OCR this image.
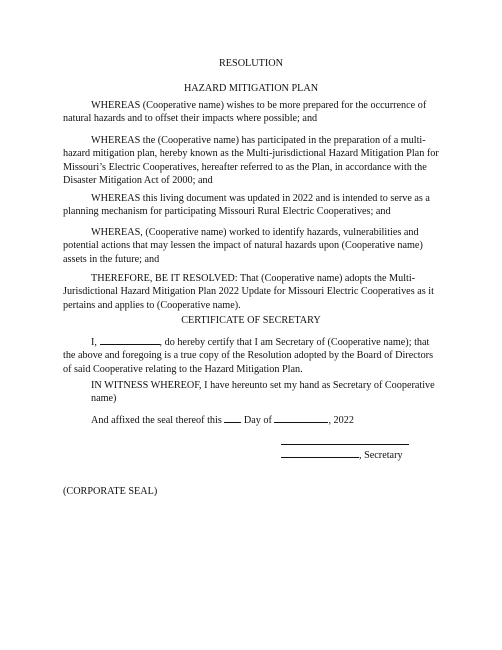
RESOLUTION

HAZARD MITIGATION PLAN

WHEREAS (Cooperative name) wishes to be more prepared for the occurrence of natural hazards and to offset their impacts where possible; and

WHEREAS the (Cooperative name) has participated in the preparation of a multi-hazard mitigation plan, hereby known as the Multi-jurisdictional Hazard Mitigation Plan for Missouri’s Electric Cooperatives, hereafter referred to as the Plan, in accordance with the Disaster Mitigation Act of 2000; and

WHEREAS this living document was updated in 2022 and is intended to serve as a planning mechanism for participating Missouri Rural Electric Cooperatives; and

WHEREAS, (Cooperative name) worked to identify hazards, vulnerabilities and potential actions that may lessen the impact of natural hazards upon (Cooperative name) assets in the future; and

THEREFORE, BE IT RESOLVED: That (Cooperative name) adopts the Multi-Jurisdictional Hazard Mitigation Plan 2022 Update for Missouri Electric Cooperatives as it pertains and applies to (Cooperative name).

CERTIFICATE OF SECRETARY

I,	, do hereby certify that I am Secretary of (Cooperative name); that the above and foregoing is a true copy of the Resolution adopted by the Board of Directors of said Cooperative relating to the Hazard Mitigation Plan.

IN WITNESS WHEREOF, I have hereunto set my hand as Secretary of Cooperative name)

And affixed the seal thereof this Day of	, 2022

, Secretary

(CORPORATE SEAL)
